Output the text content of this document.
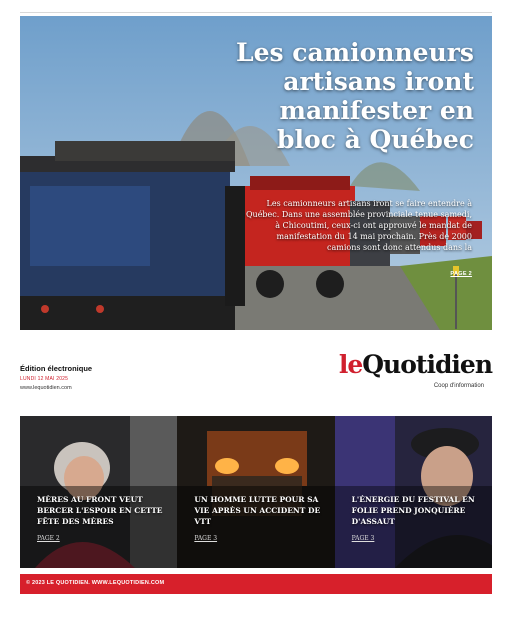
Les camionneurs artisans iront manifester en bloc à Québec

Les camionneurs artisans iront se faire entendre à Québec. Dans une assemblée provinciale tenue samedi, à Chicoutimi, ceux-ci ont approuvé le mandat de manifestation du 14 mai prochain. Près de 2000 camions sont donc attendus dans la

PAGE 2
Édition électronique
LUNDI 12 MAI 2025
www.lequotidien.com
leQuotidien
Coop d'information

MÈRES AU FRONT VEUT BERCER L'ESPOIR EN CETTE FÊTE DES MÈRES

PAGE 2

UN HOMME LUTTE POUR SA VIE APRÈS UN ACCIDENT DE VTT

PAGE 3

L'ÉNERGIE DU FESTIVAL EN FOLIE PREND JONQUIÈRE D'ASSAUT

PAGE 3
© 2023 LE QUOTIDIEN. WWW.LEQUOTIDIEN.COM
